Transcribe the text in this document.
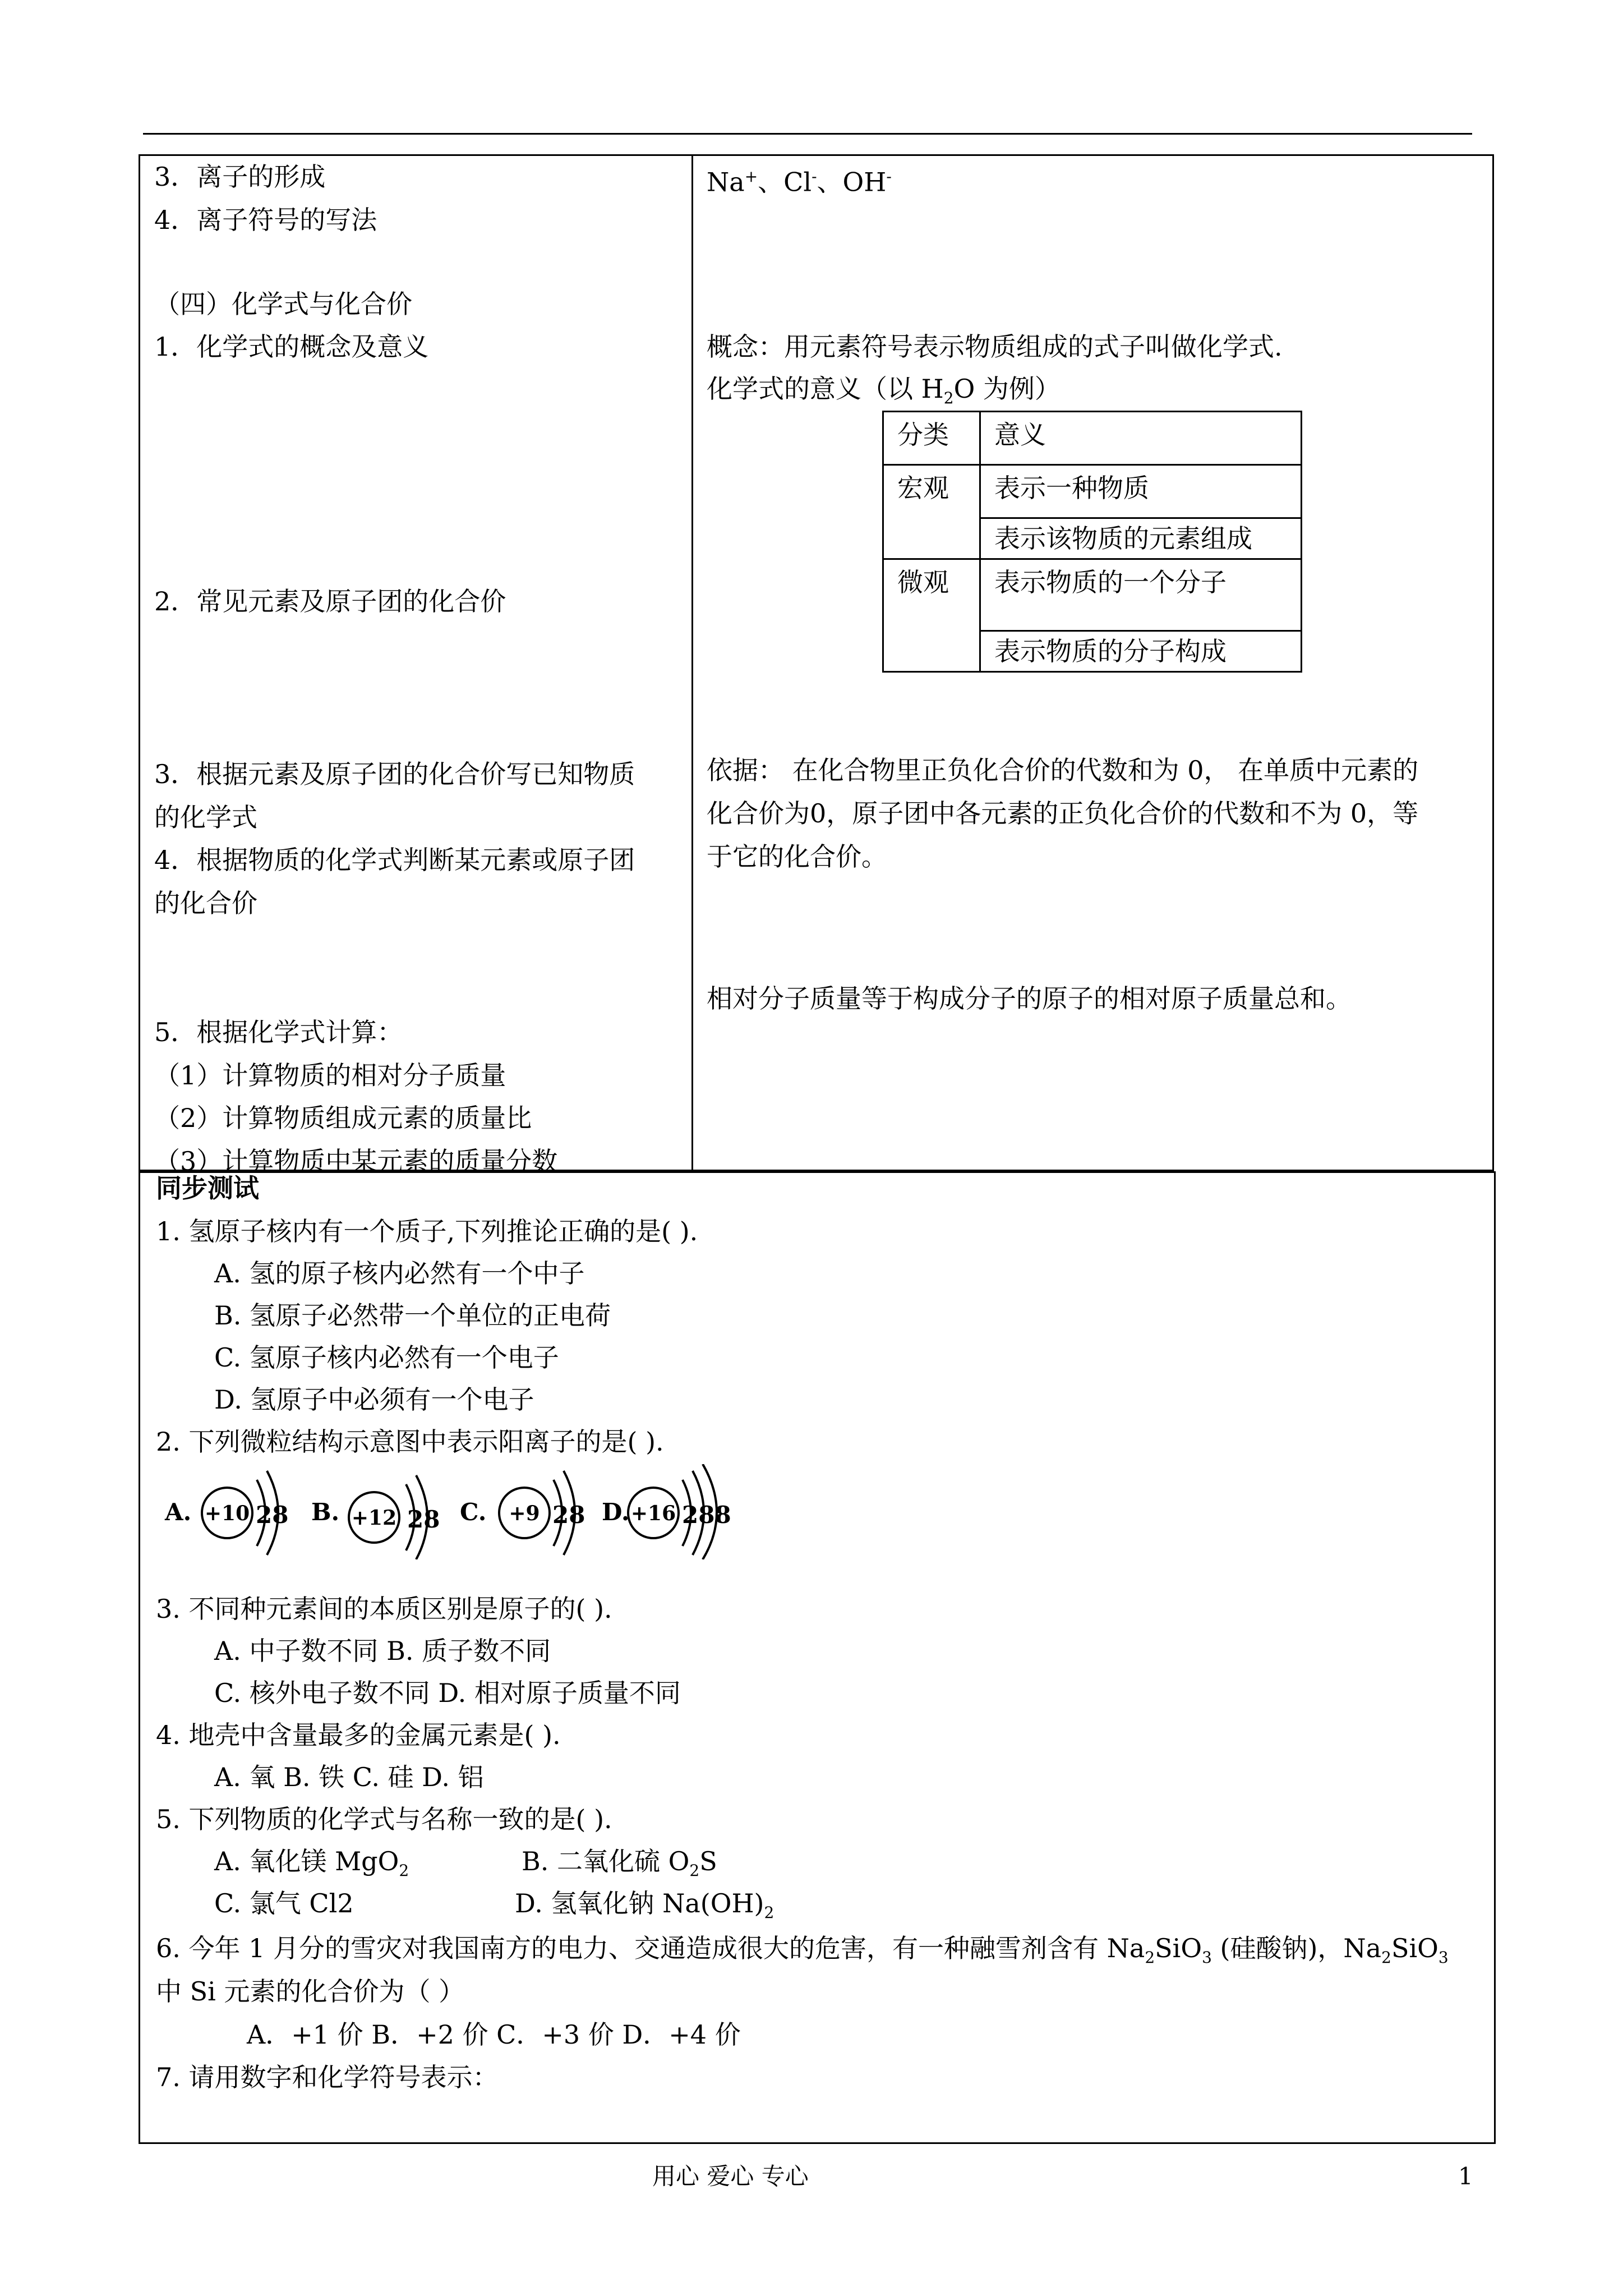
3．离子的形成
4．离子符号的写法
（四）化学式与化合价
1．化学式的概念及意义
2．常见元素及原子团的化合价
3．根据元素及原子团的化合价写已知物质
的化学式
4．根据物质的化学式判断某元素或原子团
的化合价
5．根据化学式计算：
（1）计算物质的相对分子质量
（2）计算物质组成元素的质量比
（3）计算物质中某元素的质量分数
Na+、Cl-、OH-
概念：用元素符号表示物质组成的式子叫做化学式.
化学式的意义（以 $H_2O$ 为例）
分类	意义
宏观	表示一种物质
	表示该物质的元素组成
微观	表示物质的一个分子
	表示物质的分子构成
依据： 在化合物里正负化合价的代数和为 0， 在单质中元素的
化合价为0，原子团中各元素的正负化合价的代数和不为 0，等
于它的化合价。
相对分子质量等于构成分子的原子的相对原子质量总和。
同步测试
1. 氢原子核内有一个质子,下列推论正确的是( ).
A. 氢的原子核内必然有一个中子
B. 氢原子必然带一个单位的正电荷
C. 氢原子核内必然有一个电子
D. 氢原子中必须有一个电子
2. 下列微粒结构示意图中表示阳离子的是( ).
A. +10 28 B. +12 28 C. +9 28 D. +16 288
3. 不同种元素间的本质区别是原子的( ).
A. 中子数不同 B. 质子数不同
C. 核外电子数不同 D. 相对原子质量不同
4. 地壳中含量最多的金属元素是( ).
A. 氧 B. 铁 C. 硅 D. 铝
5. 下列物质的化学式与名称一致的是( ).
A. 氧化镁 MgO$_2$	B. 二氧化硫 $O_2S$
C. 氯气 Cl2	D. 氢氧化钠 $Na(OH)_2$
6. 今年 1 月分的雪灾对我国南方的电力、交通造成很大的危害，有一种融雪剂含有 $Na_2SiO_3$ (硅酸钠)，$Na_2SiO_3$
中 Si 元素的化合价为（ ）
A．+1 价 B．+2 价 C．+3 价 D．+4 价
7. 请用数字和化学符号表示：
用心 爱心 专心	1
